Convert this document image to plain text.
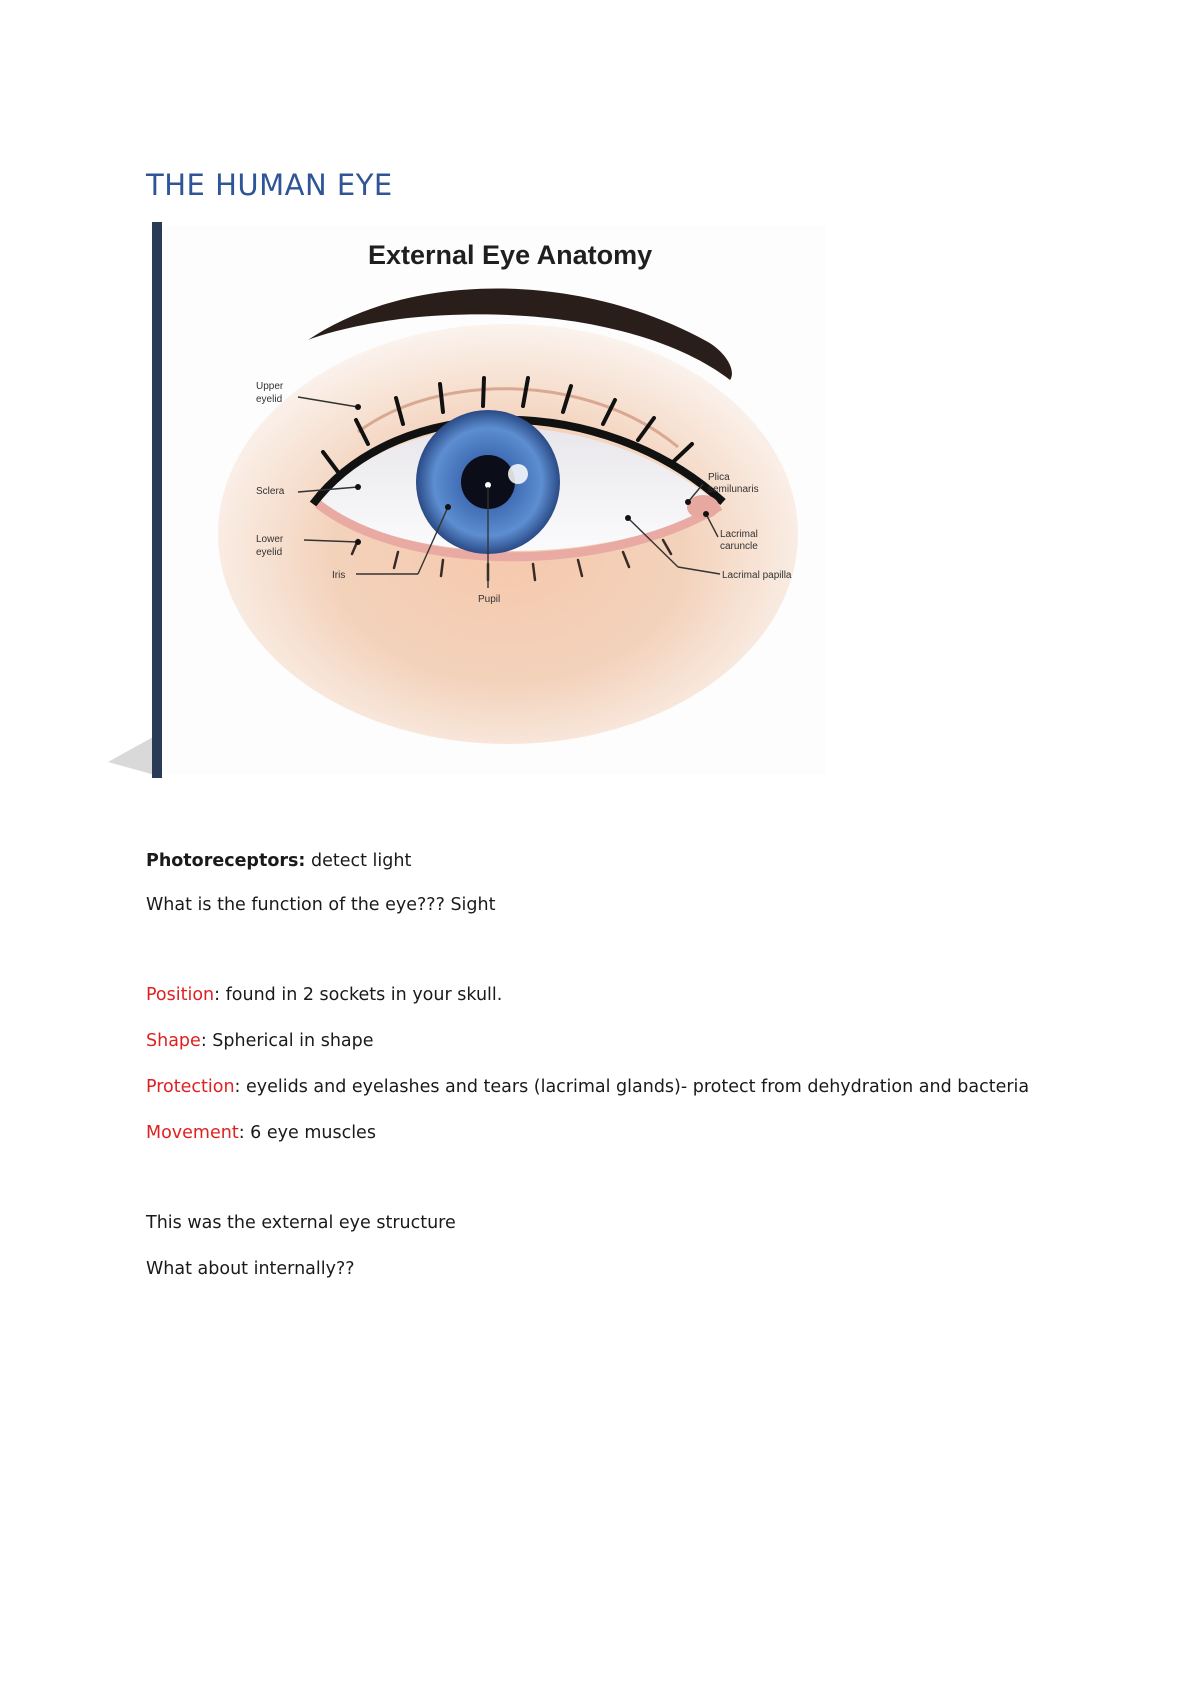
THE HUMAN EYE
External Eye Anatomy
Upper
eyelid
Sclera
Lower
eyelid
Iris
Pupil
Plica
semilunaris
Lacrimal
caruncle
Lacrimal papilla
Photoreceptors: detect light
What is the function of the eye??? Sight
Position: found in 2 sockets in your skull.
Shape: Spherical in shape
Protection: eyelids and eyelashes and tears (lacrimal glands)- protect from dehydration and bacteria
Movement: 6 eye muscles
This was the external eye structure
What about internally??
